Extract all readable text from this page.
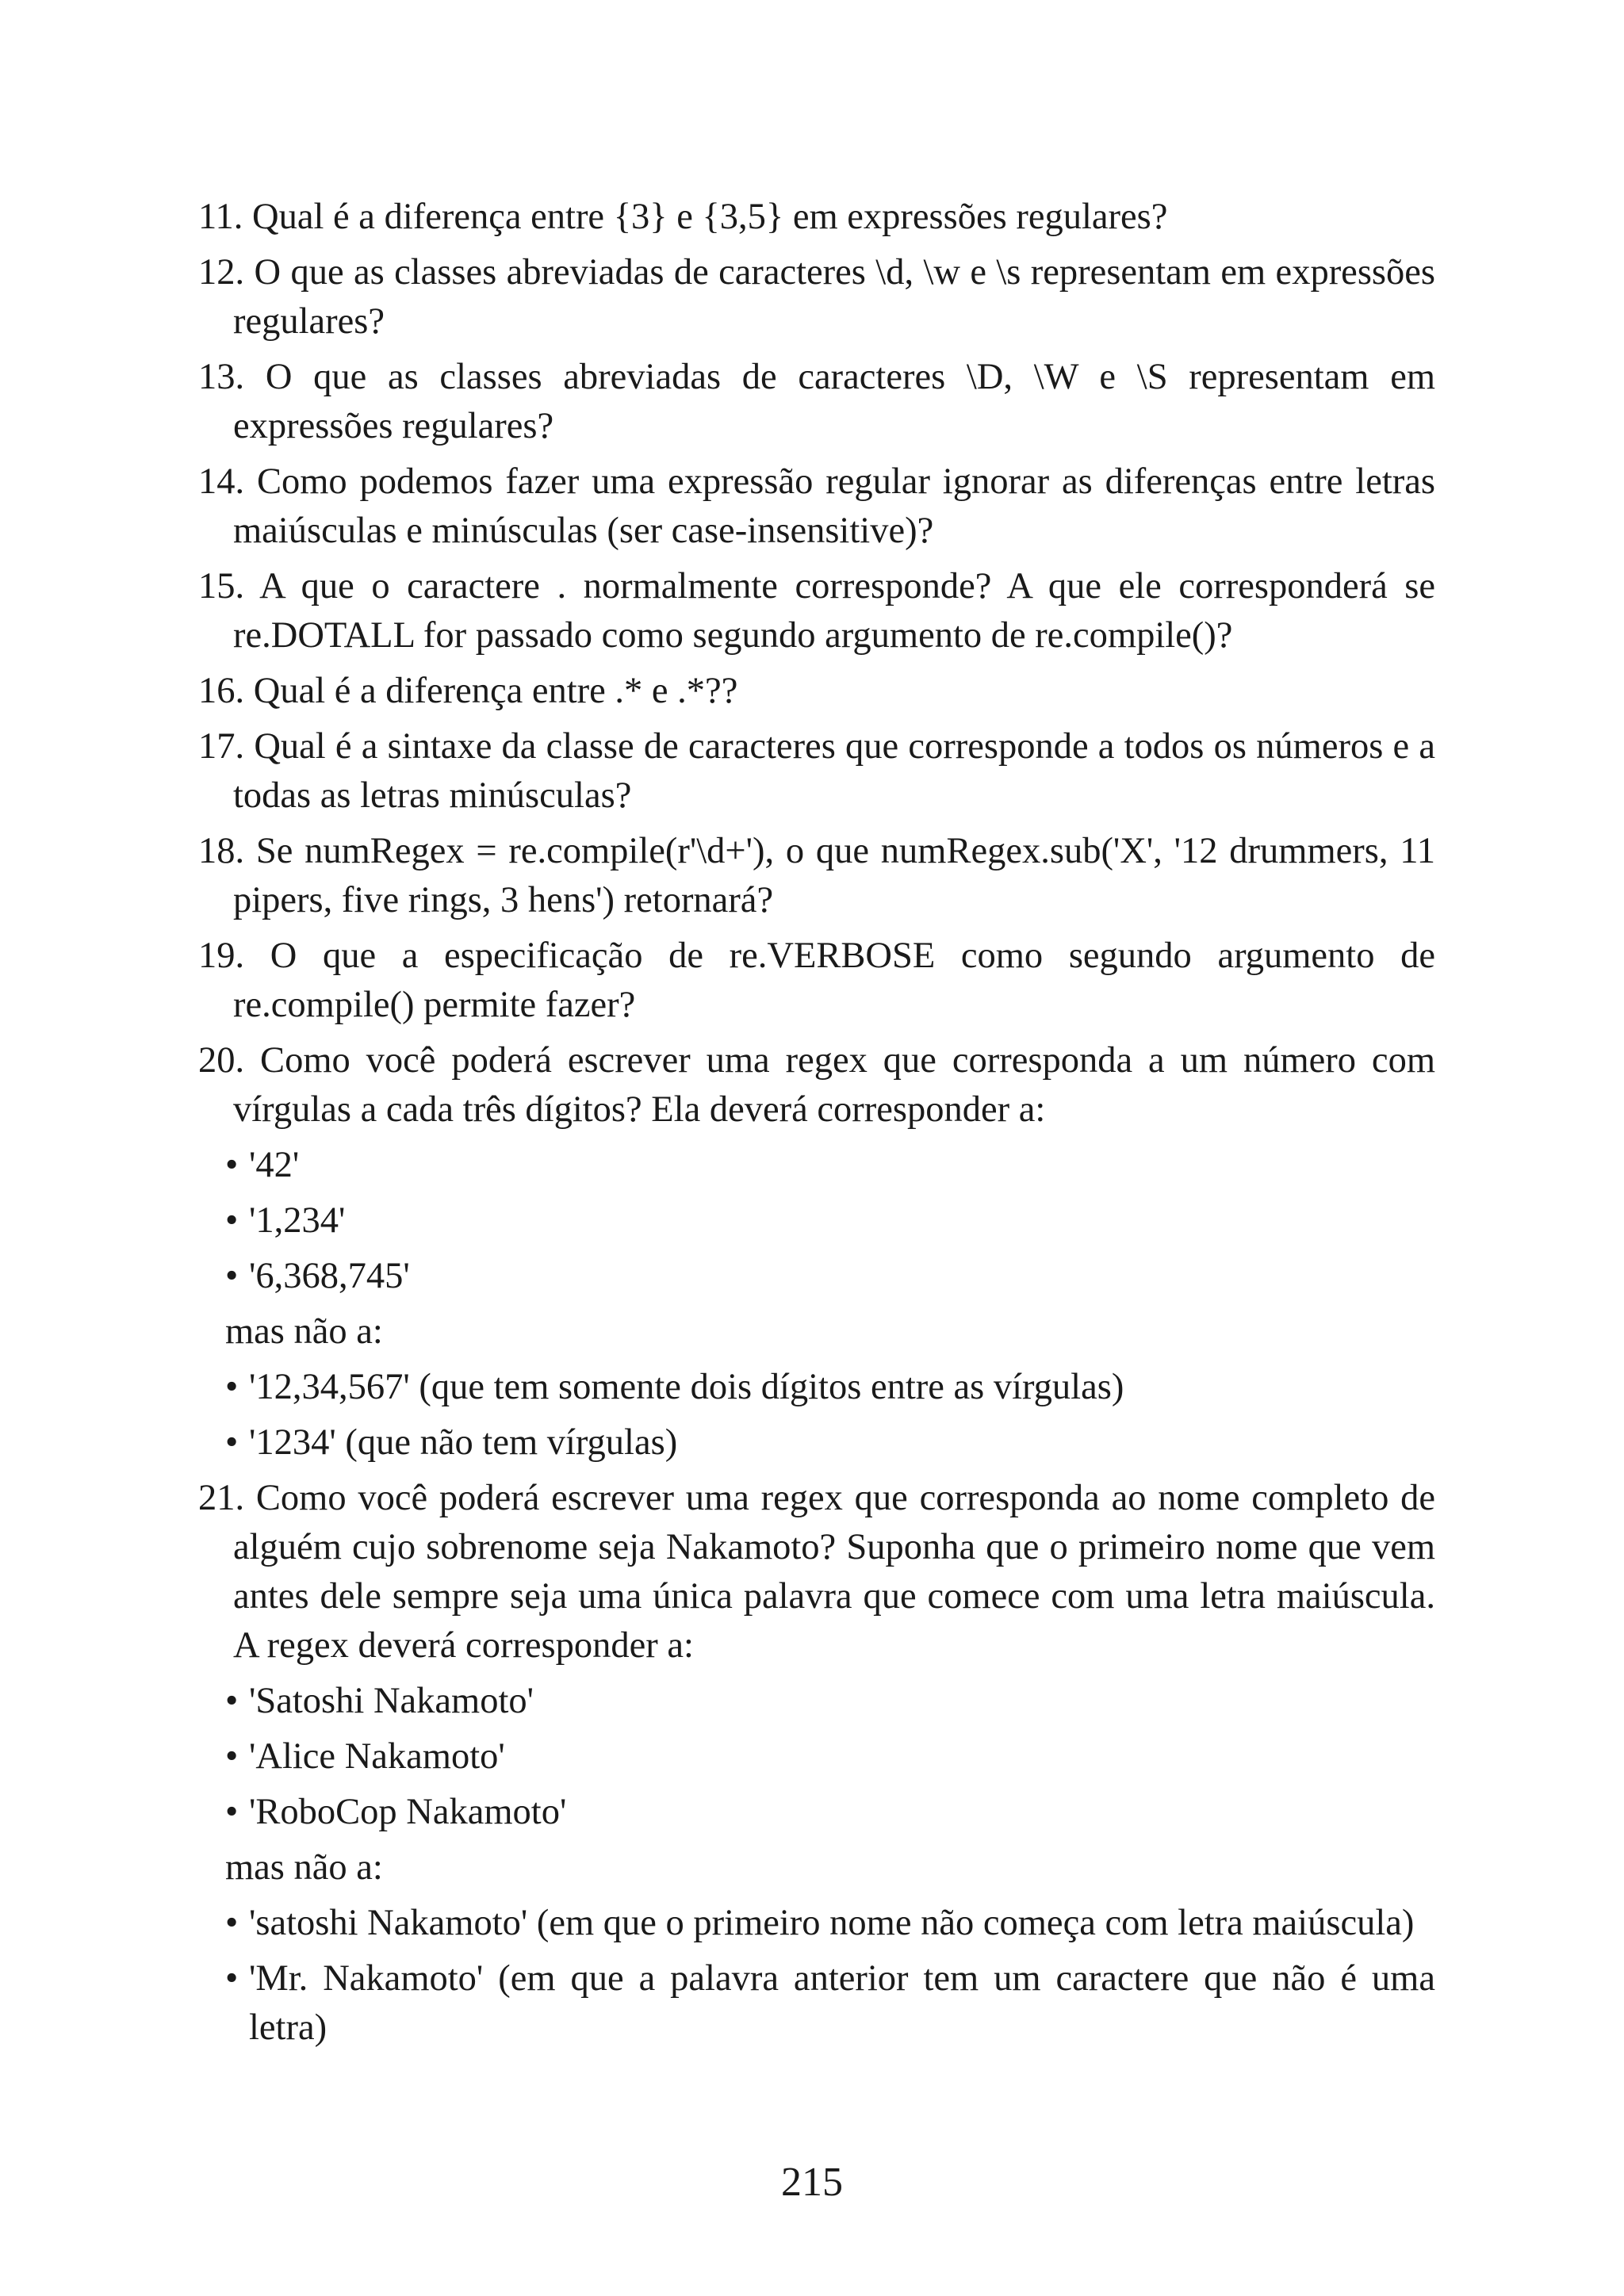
11. Qual é a diferença entre {3} e {3,5} em expressões regulares?

12. O que as classes abreviadas de caracteres \d, \w e \s representam em expressões regulares?

13. O que as classes abreviadas de caracteres \D, \W e \S representam em expressões regulares?

14. Como podemos fazer uma expressão regular ignorar as diferenças entre letras maiúsculas e minúsculas (ser case-insensitive)?

15. A que o caractere . normalmente corresponde? A que ele corresponderá se re.DOTALL for passado como segundo argumento de re.compile()?

16. Qual é a diferença entre .* e .*??

17. Qual é a sintaxe da classe de caracteres que corresponde a todos os números e a todas as letras minúsculas?

18. Se numRegex = re.compile(r'\d+'), o que numRegex.sub('X', '12 drummers, 11 pipers, five rings, 3 hens') retornará?

19. O que a especificação de re.VERBOSE como segundo argumento de re.compile() permite fazer?

20. Como você poderá escrever uma regex que corresponda a um número com vírgulas a cada três dígitos? Ela deverá corresponder a:

• '42'

• '1,234'

• '6,368,745'

mas não a:

• '12,34,567' (que tem somente dois dígitos entre as vírgulas)

• '1234' (que não tem vírgulas)

21. Como você poderá escrever uma regex que corresponda ao nome completo de alguém cujo sobrenome seja Nakamoto? Suponha que o primeiro nome que vem antes dele sempre seja uma única palavra que comece com uma letra maiúscula. A regex deverá corresponder a:

• 'Satoshi Nakamoto'

• 'Alice Nakamoto'

• 'RoboCop Nakamoto'

mas não a:

• 'satoshi Nakamoto' (em que o primeiro nome não começa com letra maiúscula)

• 'Mr. Nakamoto' (em que a palavra anterior tem um caractere que não é uma letra)

215
